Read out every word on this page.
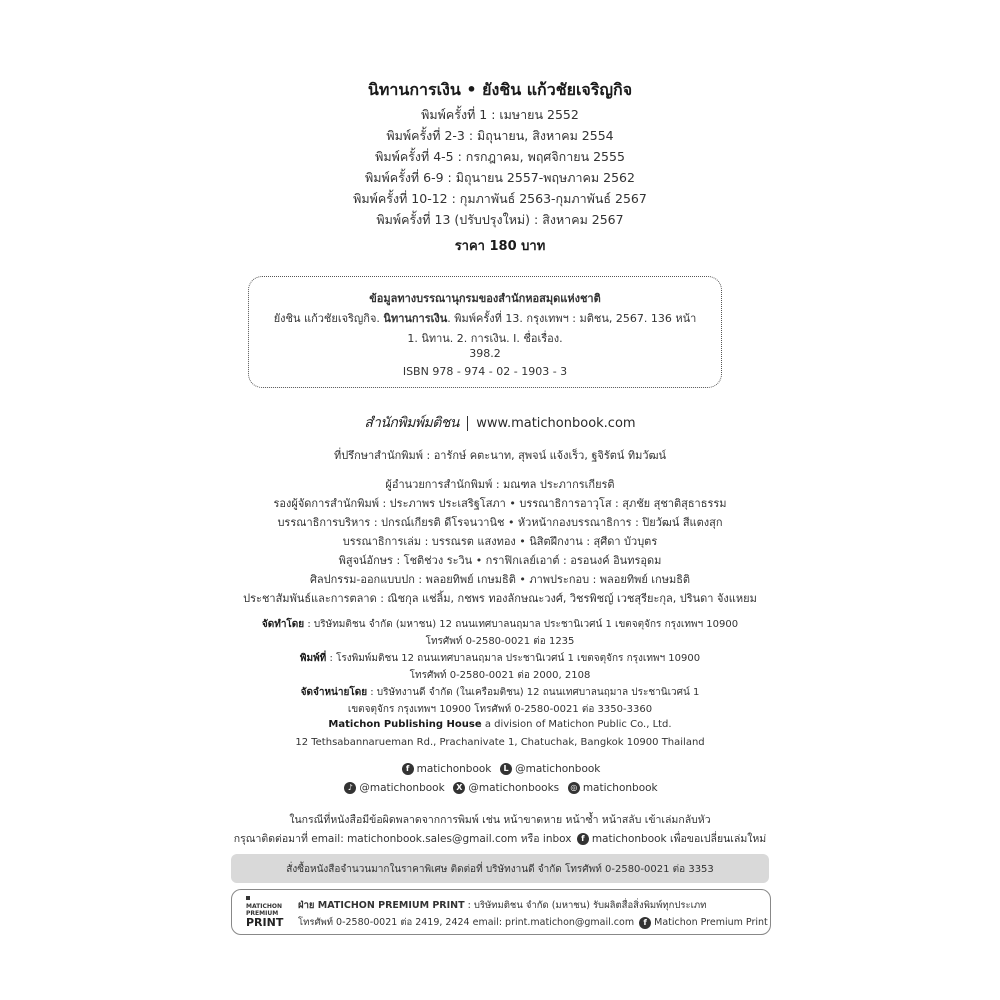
นิทานการเงิน • ยังชิน แก้วชัยเจริญกิจ
พิมพ์ครั้งที่ 1 : เมษายน 2552
พิมพ์ครั้งที่ 2-3 : มิถุนายน, สิงหาคม 2554
พิมพ์ครั้งที่ 4-5 : กรกฎาคม, พฤศจิกายน 2555
พิมพ์ครั้งที่ 6-9 : มิถุนายน 2557-พฤษภาคม 2562
พิมพ์ครั้งที่ 10-12 : กุมภาพันธ์ 2563-กุมภาพันธ์ 2567
พิมพ์ครั้งที่ 13 (ปรับปรุงใหม่) : สิงหาคม 2567
ราคา 180 บาท
ข้อมูลทางบรรณานุกรมของสำนักหอสมุดแห่งชาติ
ยังชิน แก้วชัยเจริญกิจ. นิทานการเงิน. พิมพ์ครั้งที่ 13. กรุงเทพฯ : มติชน, 2567. 136 หน้า
1. นิทาน. 2. การเงิน. I. ชื่อเรื่อง.
398.2
ISBN 978 - 974 - 02 - 1903 - 3
สำนักพิมพ์มติชน www.matichonbook.com
ที่ปรึกษาสำนักพิมพ์ : อารักษ์ คตะนาท, สุพจน์ แจ้งเร็ว, ฐจิรัตน์ ทิมวัฒน์
ผู้อำนวยการสำนักพิมพ์ : มณฑล ประภากรเกียรติ
รองผู้จัดการสำนักพิมพ์ : ประภาพร ประเสริฐโสภา • บรรณาธิการอาวุโส : สุภชัย สุชาติสุธาธรรม
บรรณาธิการบริหาร : ปกรณ์เกียรติ ดีโรจนวานิช • หัวหน้ากองบรรณาธิการ : ปิยวัฒน์ สีแตงสุก
บรรณาธิการเล่ม : บรรณรต แสงทอง • นิสิตฝึกงาน : สุศีดา บัวบุตร
พิสูจน์อักษร : โชติช่วง ระวิน • กราฟิกเลย์เอาต์ : อรอนงค์ อินทรอุดม
ศิลปกรรม-ออกแบบปก : พลอยทิพย์ เกษมธิติ • ภาพประกอบ : พลอยทิพย์ เกษมธิติ
ประชาสัมพันธ์และการตลาด : ณิชกุล แช่ลิ้ม, กชพร ทองลักษณะวงศ์, วิชรพิชญ์ เวชสุรียะกุล, ปรินดา จังแหยม
จัดทำโดย : บริษัทมติชน จำกัด (มหาชน) 12 ถนนเทศบาลนฤมาล ประชานิเวศน์ 1 เขตจตุจักร กรุงเทพฯ 10900
โทรศัพท์ 0-2580-0021 ต่อ 1235
พิมพ์ที่ : โรงพิมพ์มติชน 12 ถนนเทศบาลนฤมาล ประชานิเวศน์ 1 เขตจตุจักร กรุงเทพฯ 10900
โทรศัพท์ 0-2580-0021 ต่อ 2000, 2108
จัดจำหน่ายโดย : บริษัทงานดี จำกัด (ในเครือมติชน) 12 ถนนเทศบาลนฤมาล ประชานิเวศน์ 1
เขตจตุจักร กรุงเทพฯ 10900 โทรศัพท์ 0-2580-0021 ต่อ 3350-3360
Matichon Publishing House a division of Matichon Public Co., Ltd.
12 Tethsabannarueman Rd., Prachanivate 1, Chatuchak, Bangkok 10900 Thailand
f matichonbook L @matichonbook
♪ @matichonbook X @matichonbooks ◎ matichonbook
ในกรณีที่หนังสือมีข้อผิดพลาดจากการพิมพ์ เช่น หน้าขาดหาย หน้าซ้ำ หน้าสลับ เข้าเล่มกลับหัว
กรุณาติดต่อมาที่ email: matichonbook.sales@gmail.com หรือ inbox f matichonbook เพื่อขอเปลี่ยนเล่มใหม่
สั่งซื้อหนังสือจำนวนมากในราคาพิเศษ ติดต่อที่ บริษัทงานดี จำกัด โทรศัพท์ 0-2580-0021 ต่อ 3353
MATICHON
PREMIUM
PRINT
ฝ่าย MATICHON PREMIUM PRINT : บริษัทมติชน จำกัด (มหาชน) รับผลิตสื่อสิ่งพิมพ์ทุกประเภท
โทรศัพท์ 0-2580-0021 ต่อ 2419, 2424 email: print.matichon@gmail.com f Matichon Premium Print
